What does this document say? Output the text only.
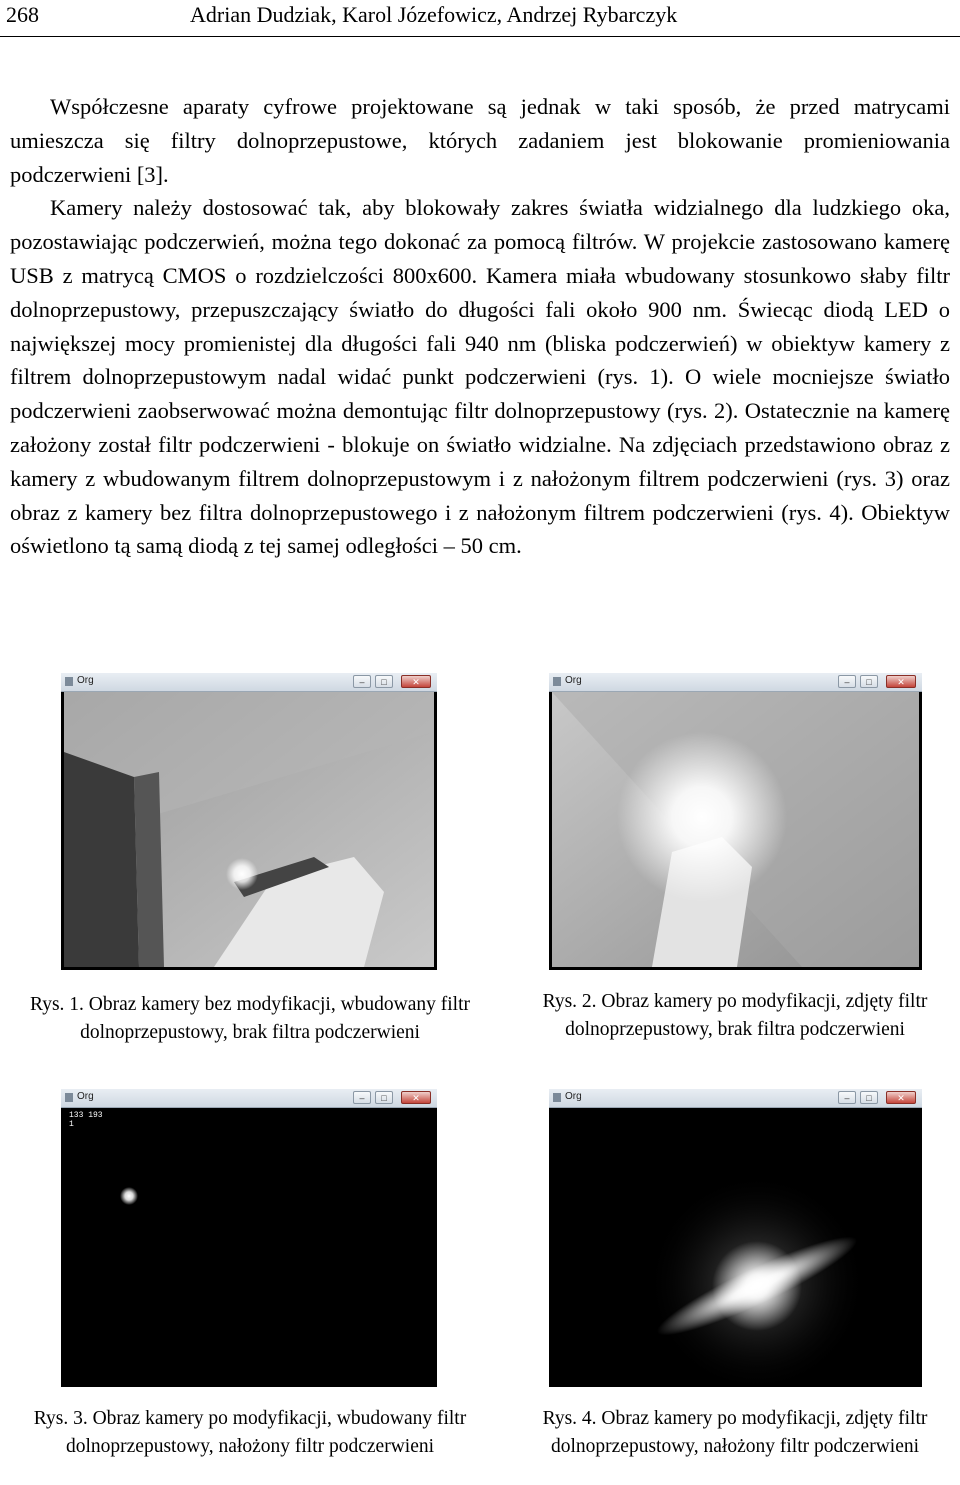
268	Adrian Dudziak, Karol Józefowicz, Andrzej Rybarczyk

Współczesne aparaty cyfrowe projektowane są jednak w taki sposób, że przed matrycami umieszcza się filtry dolnoprzepustowe, których zadaniem jest blokowanie promieniowania podczerwieni [3].

Kamery należy dostosować tak, aby blokowały zakres światła widzialnego dla ludzkiego oka, pozostawiając podczerwień, można tego dokonać za pomocą filtrów. W projekcie zastosowano kamerę USB z matrycą CMOS o rozdzielczości 800x600. Kamera miała wbudowany stosunkowo słaby filtr dolnoprzepustowy, przepuszczający światło do długości fali około 900 nm. Świecąc diodą LED o największej mocy promienistej dla długości fali 940 nm (bliska podczerwień) w obiektyw kamery z filtrem dolnoprzepustowym nadal widać punkt podczerwieni (rys. 1). O wiele mocniejsze światło podczerwieni zaobserwować można demontując filtr dolnoprzepustowy (rys. 2). Ostatecznie na kamerę założony został filtr podczerwieni - blokuje on światło widzialne. Na zdjęciach przedstawiono obraz z kamery z wbudowanym filtrem dolnoprzepustowym i z nałożonym filtrem podczerwieni (rys. 3) oraz obraz z kamery bez filtra dolnoprzepustowego i z nałożonym filtrem podczerwieni (rys. 4). Obiektyw oświetlono tą samą diodą z tej samej odległości – 50 cm.

Org	–	□	✕
Rys. 1. Obraz kamery bez modyfikacji, wbudowany filtr dolnoprzepustowy, brak filtra podczerwieni
Org	–	□	✕
Rys. 2. Obraz kamery po modyfikacji, zdjęty filtr dolnoprzepustowy, brak filtra podczerwieni
Org	–	□	✕
133 193
1
Rys. 3. Obraz kamery po modyfikacji, wbudowany filtr dolnoprzepustowy, nałożony filtr podczerwieni
Org	–	□	✕
Rys. 4. Obraz kamery po modyfikacji, zdjęty filtr dolnoprzepustowy, nałożony filtr podczerwieni
